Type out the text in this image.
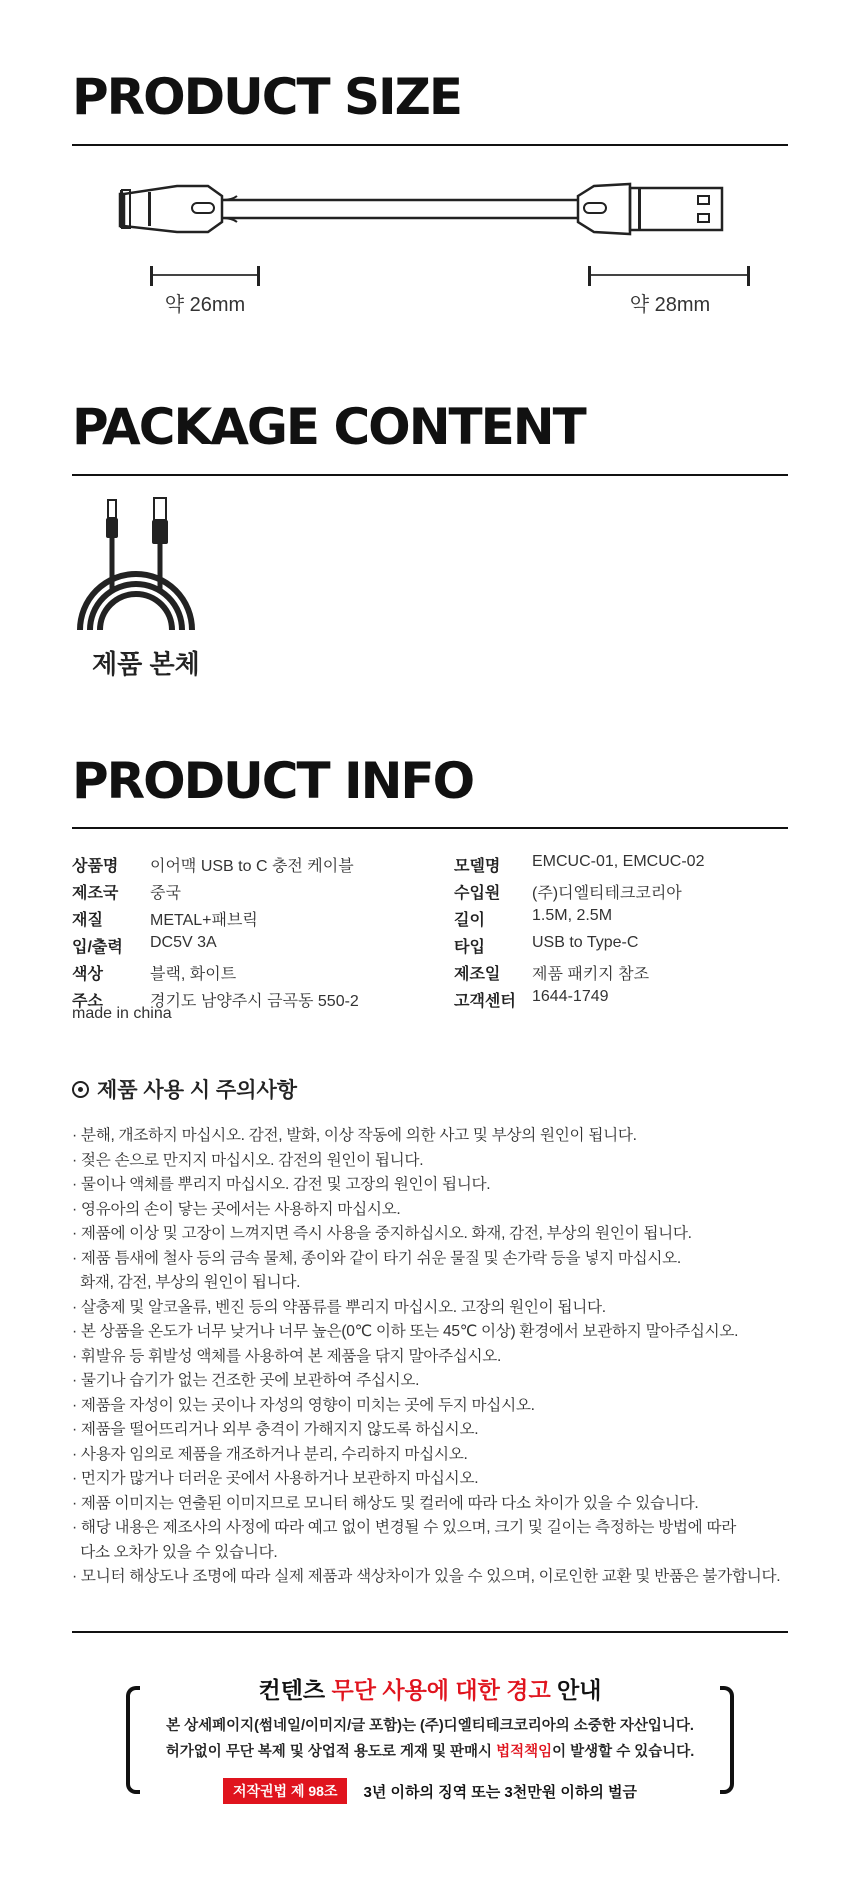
PRODUCT SIZE
약 26mm	약 28mm
PACKAGE CONTENT
제품 본체
PRODUCT INFO
상품명	이어맥 USB to C 충전 케이블
제조국	중국
재질	METAL+패브릭
입/출력	DC5V 3A
색상	블랙, 화이트
주소	경기도 남양주시 금곡동 550-2
모델명	EMCUC-01, EMCUC-02
수입원	(주)디엘티테크코리아
길이	1.5M, 2.5M
타입	USB to Type-C
제조일	제품 패키지 참조
고객센터	1644-1749
made in china
제품 사용 시 주의사항
· 분해, 개조하지 마십시오. 감전, 발화, 이상 작동에 의한 사고 및 부상의 원인이 됩니다.
· 젖은 손으로 만지지 마십시오. 감전의 원인이 됩니다.
· 물이나 액체를 뿌리지 마십시오. 감전 및 고장의 원인이 됩니다.
· 영유아의 손이 닿는 곳에서는 사용하지 마십시오.
· 제품에 이상 및 고장이 느껴지면 즉시 사용을 중지하십시오. 화재, 감전, 부상의 원인이 됩니다.
· 제품 틈새에 철사 등의 금속 물체, 종이와 같이 타기 쉬운 물질 및 손가락 등을 넣지 마십시오.
화재, 감전, 부상의 원인이 됩니다.
· 살충제 및 알코올류, 벤진 등의 약품류를 뿌리지 마십시오. 고장의 원인이 됩니다.
· 본 상품을 온도가 너무 낮거나 너무 높은(0℃ 이하 또는 45℃ 이상) 환경에서 보관하지 말아주십시오.
· 휘발유 등 휘발성 액체를 사용하여 본 제품을 닦지 말아주십시오.
· 물기나 습기가 없는 건조한 곳에 보관하여 주십시오.
· 제품을 자성이 있는 곳이나 자성의 영향이 미치는 곳에 두지 마십시오.
· 제품을 떨어뜨리거나 외부 충격이 가해지지 않도록 하십시오.
· 사용자 임의로 제품을 개조하거나 분리, 수리하지 마십시오.
· 먼지가 많거나 더러운 곳에서 사용하거나 보관하지 마십시오.
· 제품 이미지는 연출된 이미지므로 모니터 해상도 및 컬러에 따라 다소 차이가 있을 수 있습니다.
· 해당 내용은 제조사의 사정에 따라 예고 없이 변경될 수 있으며, 크기 및 길이는 측정하는 방법에 따라
다소 오차가 있을 수 있습니다.
· 모니터 해상도나 조명에 따라 실제 제품과 색상차이가 있을 수 있으며, 이로인한 교환 및 반품은 불가합니다.
컨텐츠 무단 사용에 대한 경고 안내
본 상세페이지(썸네일/이미지/글 포함)는 (주)디엘티테크코리아의 소중한 자산입니다.
허가없이 무단 복제 및 상업적 용도로 게재 및 판매시 법적책임이 발생할 수 있습니다.
저작권법 제 98조	3년 이하의 징역 또는 3천만원 이하의 벌금
